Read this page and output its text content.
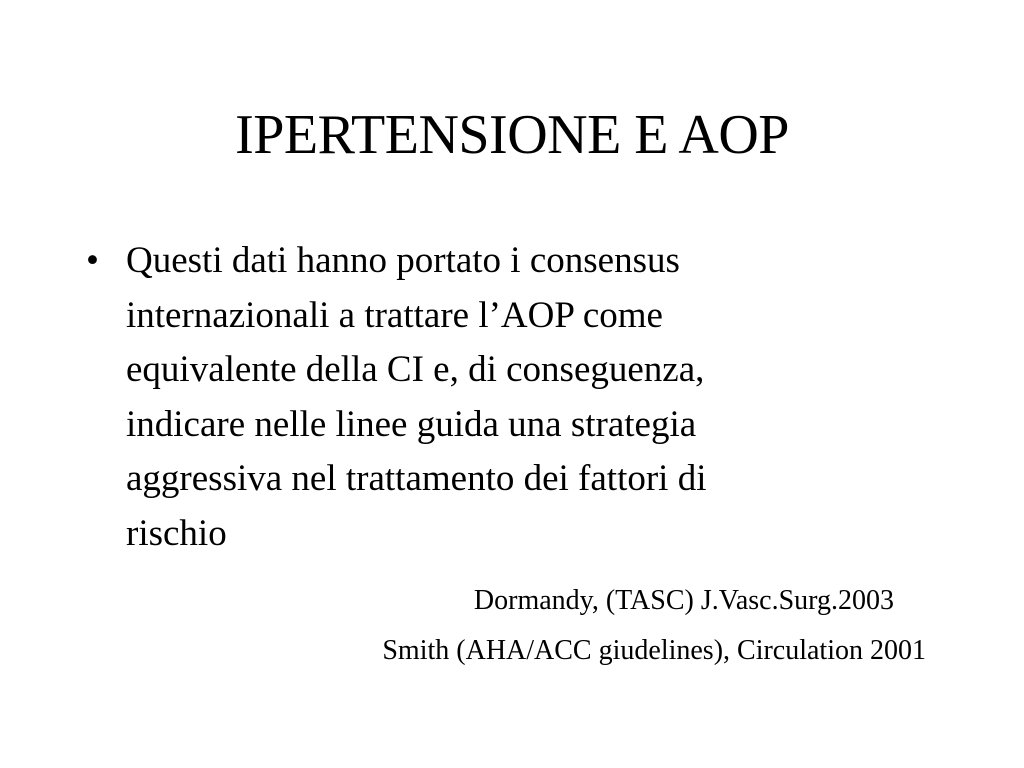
IPERTENSIONE E AOP
• Questi dati hanno portato i consensus
internazionali a trattare l’AOP come
equivalente della CI e, di conseguenza,
indicare nelle linee guida una strategia
aggressiva nel trattamento dei fattori di
rischio
Dormandy, (TASC) J.Vasc.Surg.2003
Smith (AHA/ACC giudelines), Circulation 2001
